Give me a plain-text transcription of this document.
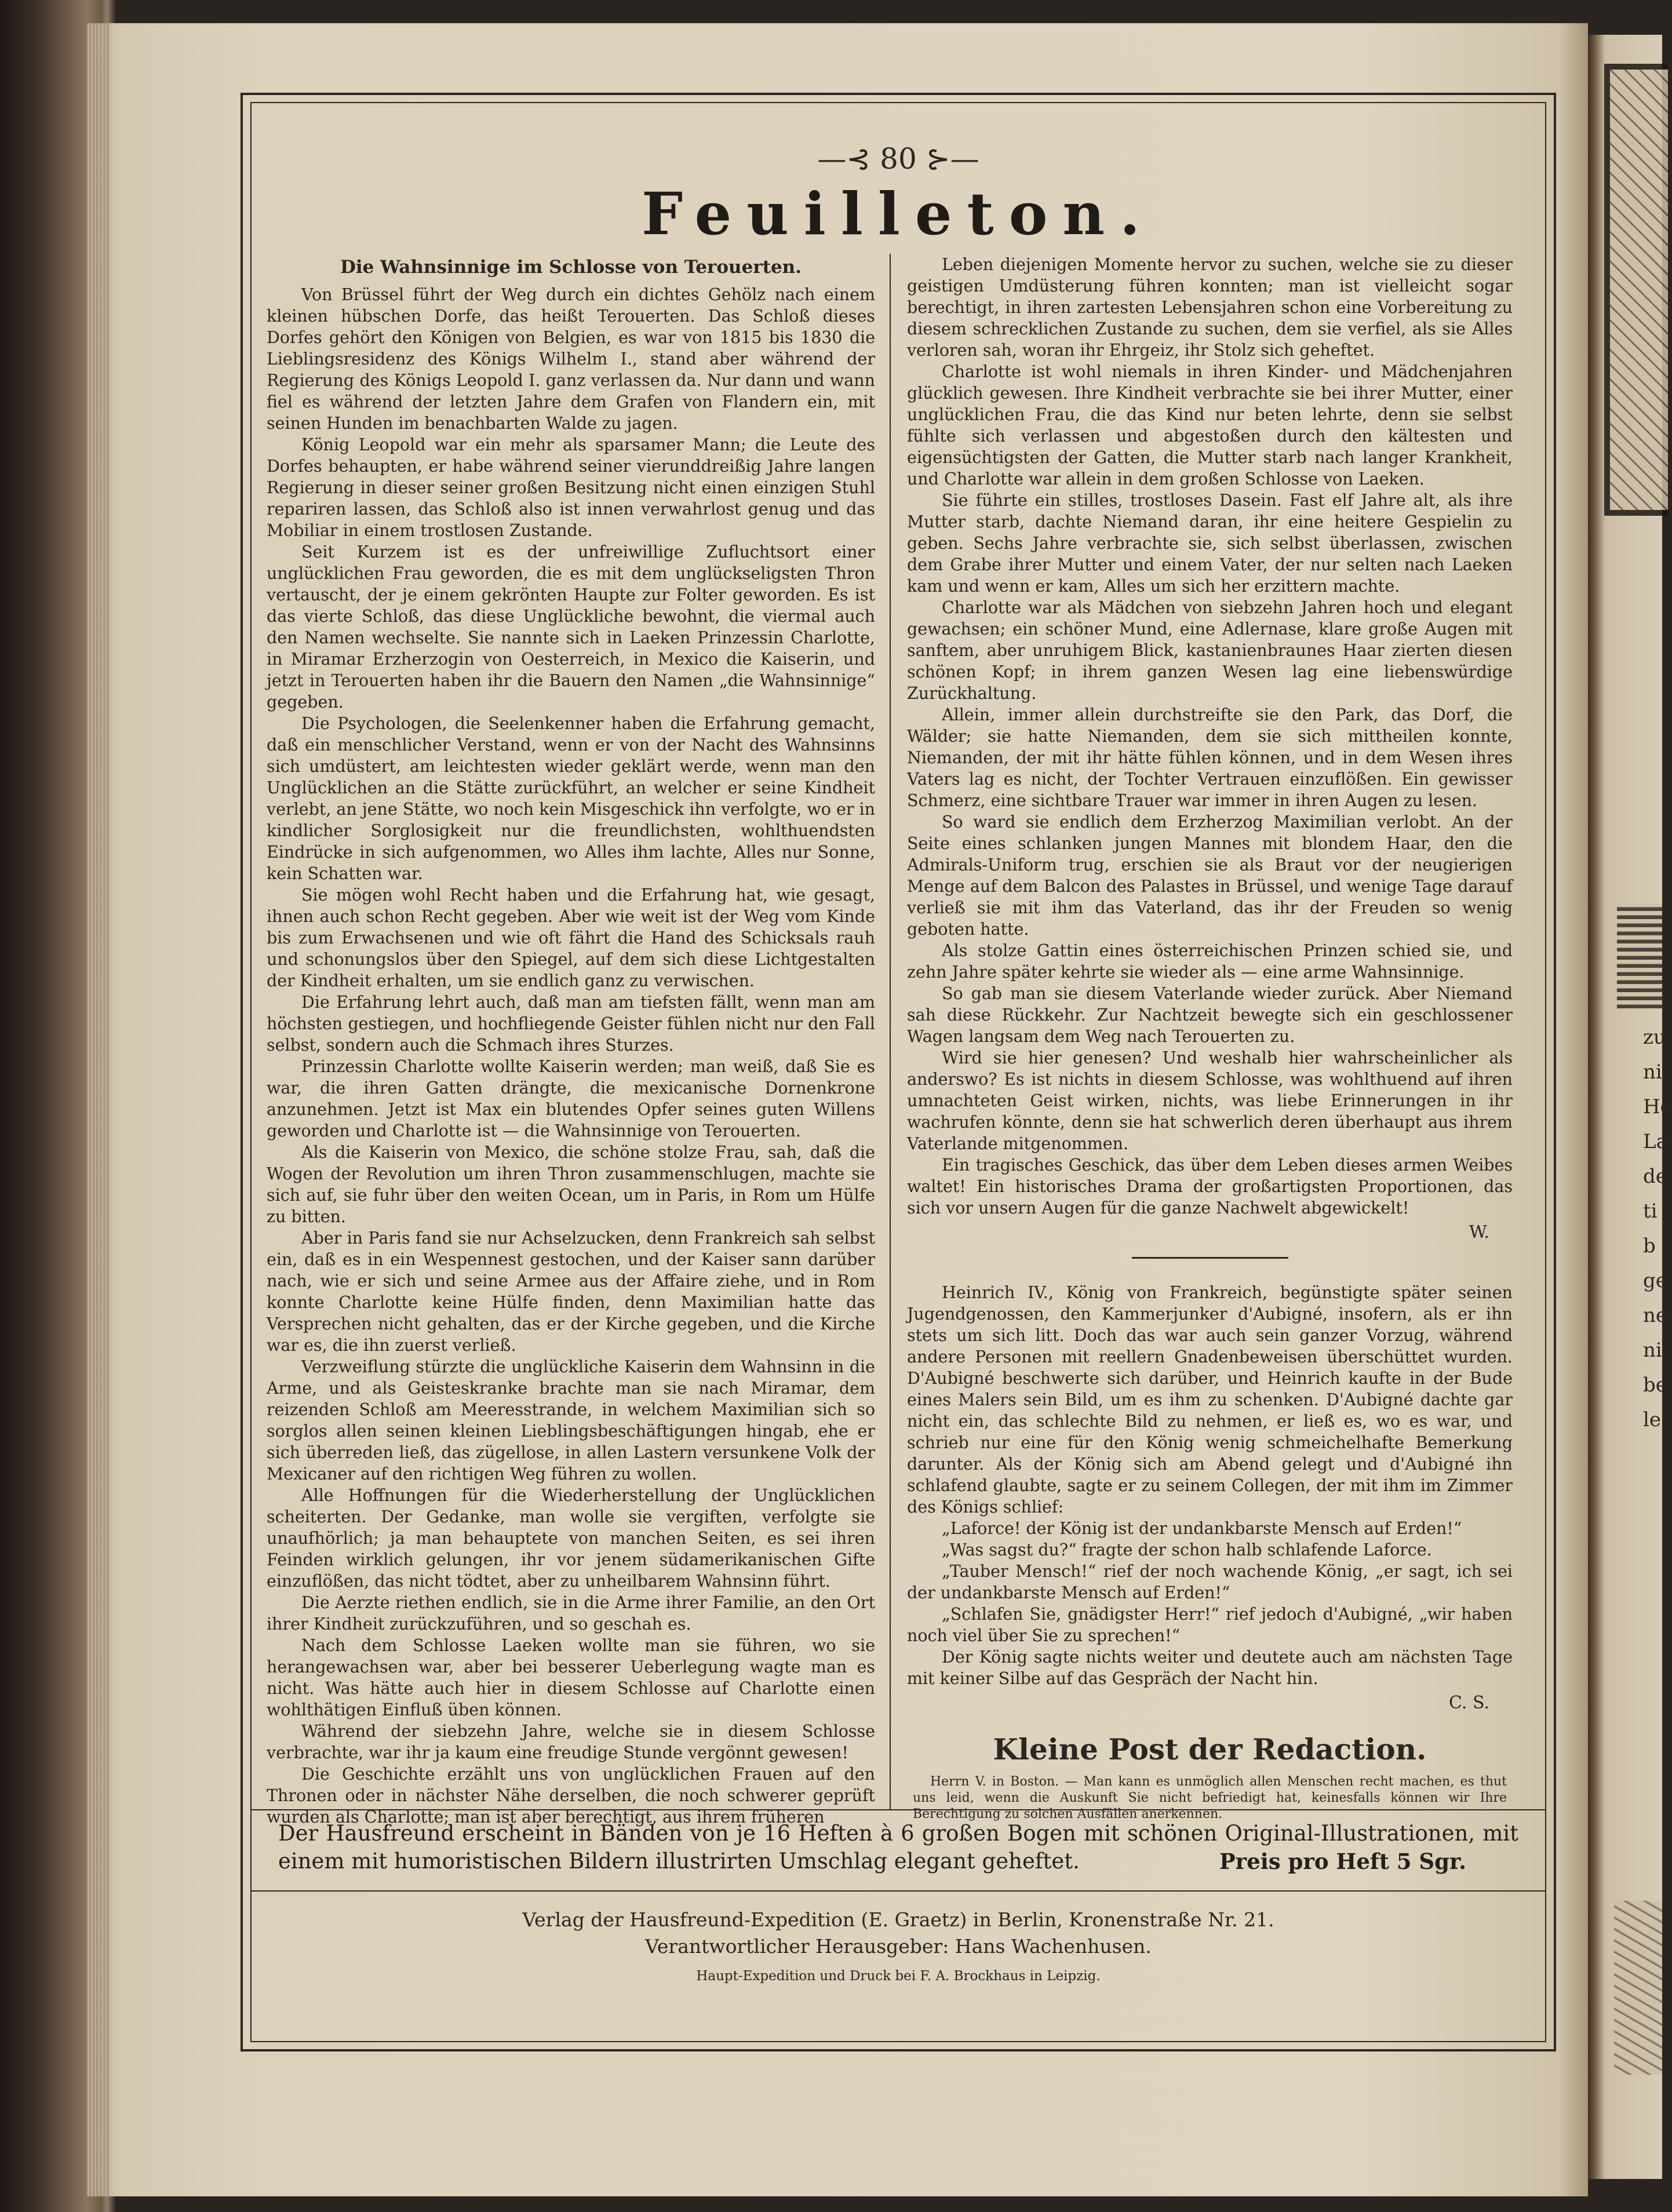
zu ni He La de ti b ge ne ni be le
—⊰ 80 ⊱—
Feuilleton.
Die Wahnsinnige im Schlosse von Terouerten.

Von Brüssel führt der Weg durch ein dichtes Gehölz nach einem kleinen hübschen Dorfe, das heißt Terouerten. Das Schloß dieses Dorfes gehört den Königen von Belgien, es war von 1815 bis 1830 die Lieblingsresidenz des Königs Wilhelm I., stand aber während der Regierung des Königs Leopold I. ganz verlassen da. Nur dann und wann fiel es während der letzten Jahre dem Grafen von Flandern ein, mit seinen Hunden im benachbarten Walde zu jagen.

König Leopold war ein mehr als sparsamer Mann; die Leute des Dorfes behaupten, er habe während seiner vierunddreißig Jahre langen Regierung in dieser seiner großen Besitzung nicht einen einzigen Stuhl repariren lassen, das Schloß also ist innen verwahrlost genug und das Mobiliar in einem trostlosen Zustande.

Seit Kurzem ist es der unfreiwillige Zufluchtsort einer unglücklichen Frau geworden, die es mit dem unglückseligsten Thron vertauscht, der je einem gekrönten Haupte zur Folter geworden. Es ist das vierte Schloß, das diese Unglückliche bewohnt, die viermal auch den Namen wechselte. Sie nannte sich in Laeken Prinzessin Charlotte, in Miramar Erzherzogin von Oesterreich, in Mexico die Kaiserin, und jetzt in Terouerten haben ihr die Bauern den Namen „die Wahnsinnige“ gegeben.

Die Psychologen, die Seelenkenner haben die Erfahrung gemacht, daß ein menschlicher Verstand, wenn er von der Nacht des Wahnsinns sich umdüstert, am leichtesten wieder geklärt werde, wenn man den Unglücklichen an die Stätte zurückführt, an welcher er seine Kindheit verlebt, an jene Stätte, wo noch kein Misgeschick ihn verfolgte, wo er in kindlicher Sorglosigkeit nur die freundlichsten, wohlthuendsten Eindrücke in sich aufgenommen, wo Alles ihm lachte, Alles nur Sonne, kein Schatten war.

Sie mögen wohl Recht haben und die Erfahrung hat, wie gesagt, ihnen auch schon Recht gegeben. Aber wie weit ist der Weg vom Kinde bis zum Erwachsenen und wie oft fährt die Hand des Schicksals rauh und schonungslos über den Spiegel, auf dem sich diese Lichtgestalten der Kindheit erhalten, um sie endlich ganz zu verwischen.

Die Erfahrung lehrt auch, daß man am tiefsten fällt, wenn man am höchsten gestiegen, und hochfliegende Geister fühlen nicht nur den Fall selbst, sondern auch die Schmach ihres Sturzes.

Prinzessin Charlotte wollte Kaiserin werden; man weiß, daß Sie es war, die ihren Gatten drängte, die mexicanische Dornenkrone anzunehmen. Jetzt ist Max ein blutendes Opfer seines guten Willens geworden und Charlotte ist — die Wahnsinnige von Terouerten.

Als die Kaiserin von Mexico, die schöne stolze Frau, sah, daß die Wogen der Revolution um ihren Thron zusammenschlugen, machte sie sich auf, sie fuhr über den weiten Ocean, um in Paris, in Rom um Hülfe zu bitten.

Aber in Paris fand sie nur Achselzucken, denn Frankreich sah selbst ein, daß es in ein Wespennest gestochen, und der Kaiser sann darüber nach, wie er sich und seine Armee aus der Affaire ziehe, und in Rom konnte Charlotte keine Hülfe finden, denn Maximilian hatte das Versprechen nicht gehalten, das er der Kirche gegeben, und die Kirche war es, die ihn zuerst verließ.

Verzweiflung stürzte die unglückliche Kaiserin dem Wahnsinn in die Arme, und als Geisteskranke brachte man sie nach Miramar, dem reizenden Schloß am Meeresstrande, in welchem Maximilian sich so sorglos allen seinen kleinen Lieblingsbeschäftigungen hingab, ehe er sich überreden ließ, das zügellose, in allen Lastern versunkene Volk der Mexicaner auf den richtigen Weg führen zu wollen.

Alle Hoffnungen für die Wiederherstellung der Unglücklichen scheiterten. Der Gedanke, man wolle sie vergiften, verfolgte sie unaufhörlich; ja man behauptete von manchen Seiten, es sei ihren Feinden wirklich gelungen, ihr vor jenem südamerikanischen Gifte einzuflößen, das nicht tödtet, aber zu unheilbarem Wahnsinn führt.

Die Aerzte riethen endlich, sie in die Arme ihrer Familie, an den Ort ihrer Kindheit zurückzuführen, und so geschah es.

Nach dem Schlosse Laeken wollte man sie führen, wo sie herangewachsen war, aber bei besserer Ueberlegung wagte man es nicht. Was hätte auch hier in diesem Schlosse auf Charlotte einen wohlthätigen Einfluß üben können.

Während der siebzehn Jahre, welche sie in diesem Schlosse verbrachte, war ihr ja kaum eine freudige Stunde vergönnt gewesen!

Die Geschichte erzählt uns von unglücklichen Frauen auf den Thronen oder in nächster Nähe derselben, die noch schwerer geprüft wurden als Charlotte; man ist aber berechtigt, aus ihrem früheren

Leben diejenigen Momente hervor zu suchen, welche sie zu dieser geistigen Umdüsterung führen konnten; man ist vielleicht sogar berechtigt, in ihren zartesten Lebensjahren schon eine Vorbereitung zu diesem schrecklichen Zustande zu suchen, dem sie verfiel, als sie Alles verloren sah, woran ihr Ehrgeiz, ihr Stolz sich geheftet.

Charlotte ist wohl niemals in ihren Kinder- und Mädchenjahren glücklich gewesen. Ihre Kindheit verbrachte sie bei ihrer Mutter, einer unglücklichen Frau, die das Kind nur beten lehrte, denn sie selbst fühlte sich verlassen und abgestoßen durch den kältesten und eigensüchtigsten der Gatten, die Mutter starb nach langer Krankheit, und Charlotte war allein in dem großen Schlosse von Laeken.

Sie führte ein stilles, trostloses Dasein. Fast elf Jahre alt, als ihre Mutter starb, dachte Niemand daran, ihr eine heitere Gespielin zu geben. Sechs Jahre verbrachte sie, sich selbst überlassen, zwischen dem Grabe ihrer Mutter und einem Vater, der nur selten nach Laeken kam und wenn er kam, Alles um sich her erzittern machte.

Charlotte war als Mädchen von siebzehn Jahren hoch und elegant gewachsen; ein schöner Mund, eine Adlernase, klare große Augen mit sanftem, aber unruhigem Blick, kastanienbraunes Haar zierten diesen schönen Kopf; in ihrem ganzen Wesen lag eine liebenswürdige Zurückhaltung.

Allein, immer allein durchstreifte sie den Park, das Dorf, die Wälder; sie hatte Niemanden, dem sie sich mittheilen konnte, Niemanden, der mit ihr hätte fühlen können, und in dem Wesen ihres Vaters lag es nicht, der Tochter Vertrauen einzuflößen. Ein gewisser Schmerz, eine sichtbare Trauer war immer in ihren Augen zu lesen.

So ward sie endlich dem Erzherzog Maximilian verlobt. An der Seite eines schlanken jungen Mannes mit blondem Haar, den die Admirals-Uniform trug, erschien sie als Braut vor der neugierigen Menge auf dem Balcon des Palastes in Brüssel, und wenige Tage darauf verließ sie mit ihm das Vaterland, das ihr der Freuden so wenig geboten hatte.

Als stolze Gattin eines österreichischen Prinzen schied sie, und zehn Jahre später kehrte sie wieder als — eine arme Wahnsinnige.

So gab man sie diesem Vaterlande wieder zurück. Aber Niemand sah diese Rückkehr. Zur Nachtzeit bewegte sich ein geschlossener Wagen langsam dem Weg nach Terouerten zu.

Wird sie hier genesen? Und weshalb hier wahrscheinlicher als anderswo? Es ist nichts in diesem Schlosse, was wohlthuend auf ihren umnachteten Geist wirken, nichts, was liebe Erinnerungen in ihr wachrufen könnte, denn sie hat schwerlich deren überhaupt aus ihrem Vaterlande mitgenommen.

Ein tragisches Geschick, das über dem Leben dieses armen Weibes waltet! Ein historisches Drama der großartigsten Proportionen, das sich vor unsern Augen für die ganze Nachwelt abgewickelt!

W.

Heinrich IV., König von Frankreich, begünstigte später seinen Jugendgenossen, den Kammerjunker d'Aubigné, insofern, als er ihn stets um sich litt. Doch das war auch sein ganzer Vorzug, während andere Personen mit reellern Gnadenbeweisen überschüttet wurden. D'Aubigné beschwerte sich darüber, und Heinrich kaufte in der Bude eines Malers sein Bild, um es ihm zu schenken. D'Aubigné dachte gar nicht ein, das schlechte Bild zu nehmen, er ließ es, wo es war, und schrieb nur eine für den König wenig schmeichelhafte Bemerkung darunter. Als der König sich am Abend gelegt und d'Aubigné ihn schlafend glaubte, sagte er zu seinem Collegen, der mit ihm im Zimmer des Königs schlief:

„Laforce! der König ist der undankbarste Mensch auf Erden!“

„Was sagst du?“ fragte der schon halb schlafende Laforce.

„Tauber Mensch!“ rief der noch wachende König, „er sagt, ich sei der undankbarste Mensch auf Erden!“

„Schlafen Sie, gnädigster Herr!“ rief jedoch d'Aubigné, „wir haben noch viel über Sie zu sprechen!“

Der König sagte nichts weiter und deutete auch am nächsten Tage mit keiner Silbe auf das Gespräch der Nacht hin.

C. S.
Kleine Post der Redaction.
Herrn V. in Boston. — Man kann es unmöglich allen Menschen recht machen, es thut uns leid, wenn die Auskunft Sie nicht befriedigt hat, keinesfalls können wir Ihre Berechtigung zu solchen Ausfällen anerkennen.
Der Hausfreund erscheint in Bänden von je 16 Heften à 6 großen Bogen mit schönen Original-Illustrationen, mit einem mit humoristischen Bildern illustrirten Umschlag elegant geheftet.	Preis pro Heft 5 Sgr.
Verlag der Hausfreund-Expedition (E. Graetz) in Berlin, Kronenstraße Nr. 21.
Verantwortlicher Herausgeber: Hans Wachenhusen.
Haupt-Expedition und Druck bei F. A. Brockhaus in Leipzig.
